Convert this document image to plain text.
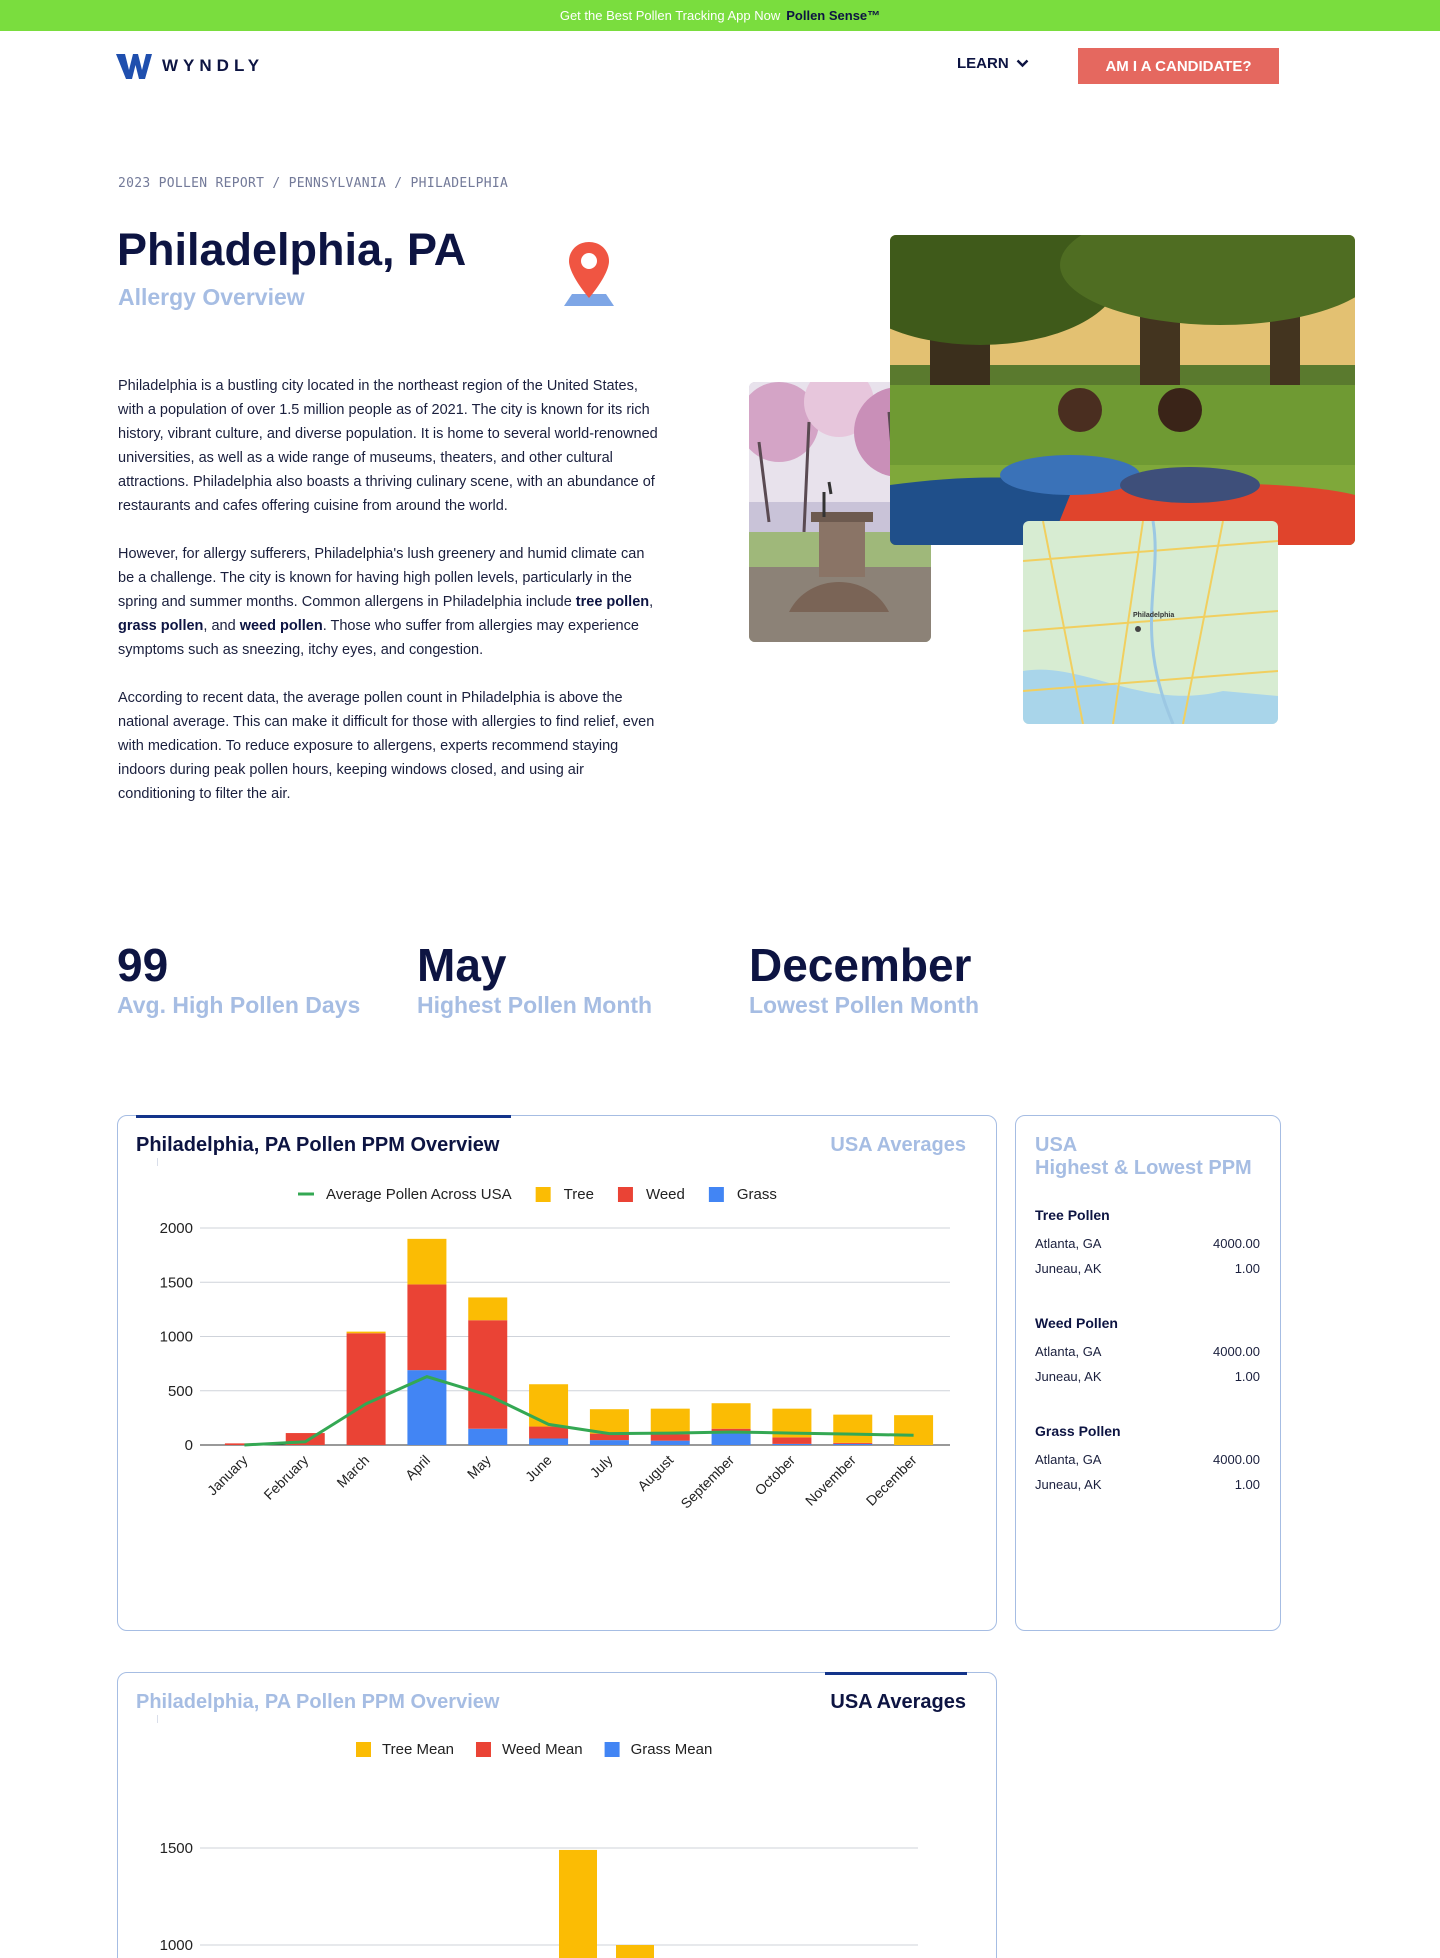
Get the Best Pollen Tracking App Now Pollen Sense™
WYNDLY	LEARN	AM I A CANDIDATE?
2023 POLLEN REPORT / PENNSYLVANIA / PHILADELPHIA
Philadelphia, PA
Allergy Overview

Philadelphia is a bustling city located in the northeast region of the United States, with a population of over 1.5 million people as of 2021. The city is known for its rich history, vibrant culture, and diverse population. It is home to several world-renowned universities, as well as a wide range of museums, theaters, and other cultural attractions. Philadelphia also boasts a thriving culinary scene, with an abundance of restaurants and cafes offering cuisine from around the world.

However, for allergy sufferers, Philadelphia's lush greenery and humid climate can be a challenge. The city is known for having high pollen levels, particularly in the spring and summer months. Common allergens in Philadelphia include tree pollen, grass pollen, and weed pollen. Those who suffer from allergies may experience symptoms such as sneezing, itchy eyes, and congestion.

According to recent data, the average pollen count in Philadelphia is above the national average. This can make it difficult for those with allergies to find relief, even with medication. To reduce exposure to allergens, experts recommend staying indoors during peak pollen hours, keeping windows closed, and using air conditioning to filter the air.

Philadelphia
99
Avg. High Pollen Days
May
Highest Pollen Month
December
Lowest Pollen Month
Philadelphia, PA Pollen PPM Overview	USA Averages
Average Pollen Across USA	Tree	Weed	Grass
0
500
1000
1500
2000
January February March April May June July August September October November December
USA
Highest & Lowest PPM
Tree Pollen
Atlanta, GA	4000.00
Juneau, AK	1.00
Weed Pollen
Atlanta, GA	4000.00
Juneau, AK	1.00
Grass Pollen
Atlanta, GA	4000.00
Juneau, AK	1.00
Philadelphia, PA Pollen PPM Overview	USA Averages
Tree Mean	Weed Mean	Grass Mean
1000
1500
